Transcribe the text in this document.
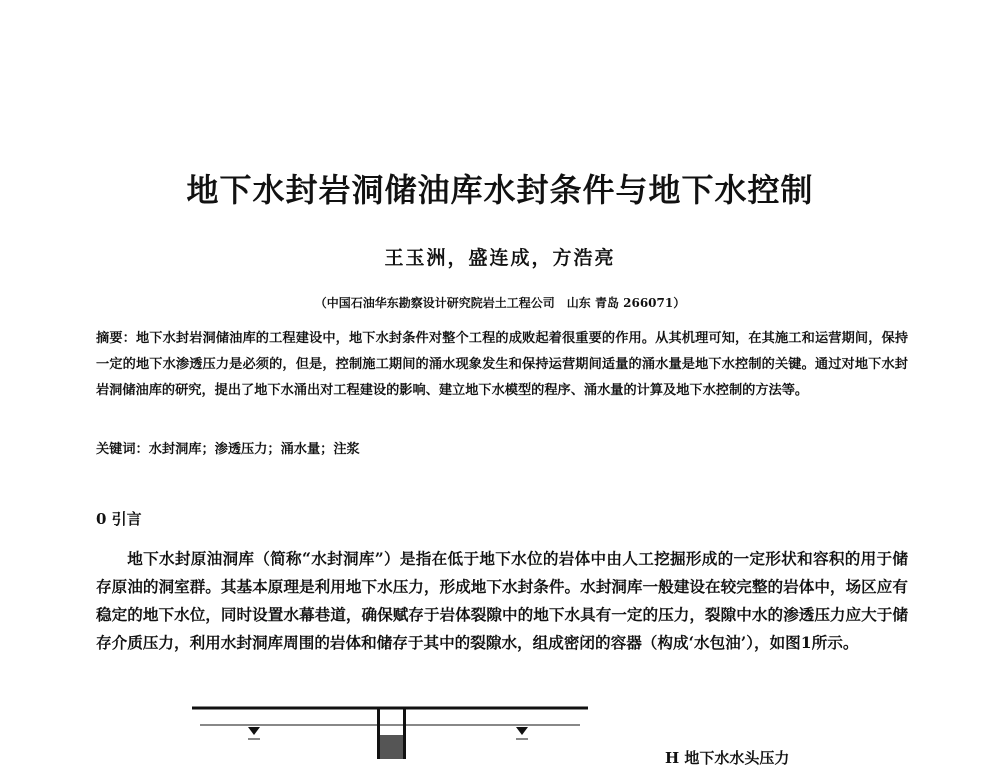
地下水封岩洞储油库水封条件与地下水控制
王玉洲，盛连成，方浩亮
（中国石油华东勘察设计研究院岩土工程公司　山东 青岛 266071）
摘要：地下水封岩洞储油库的工程建设中，地下水封条件对整个工程的成败起着很重要的作用。从其机理可知，在其施工和运营期间，保持一定的地下水渗透压力是必须的，但是，控制施工期间的涌水现象发生和保持运营期间适量的涌水量是地下水控制的关键。通过对地下水封岩洞储油库的研究，提出了地下水涌出对工程建设的影响、建立地下水模型的程序、涌水量的计算及地下水控制的方法等。
关键词：水封洞库；渗透压力；涌水量；注浆
0 引言
地下水封原油洞库（简称“水封洞库”）是指在低于地下水位的岩体中由人工挖掘形成的一定形状和容积的用于储存原油的洞室群。其基本原理是利用地下水压力，形成地下水封条件。水封洞库一般建设在较完整的岩体中，场区应有稳定的地下水位，同时设置水幕巷道，确保赋存于岩体裂隙中的地下水具有一定的压力，裂隙中水的渗透压力应大于储存介质压力，利用水封洞库周围的岩体和储存于其中的裂隙水，组成密闭的容器（构成‘水包油’），如图1所示。
H 地下水水头压力
